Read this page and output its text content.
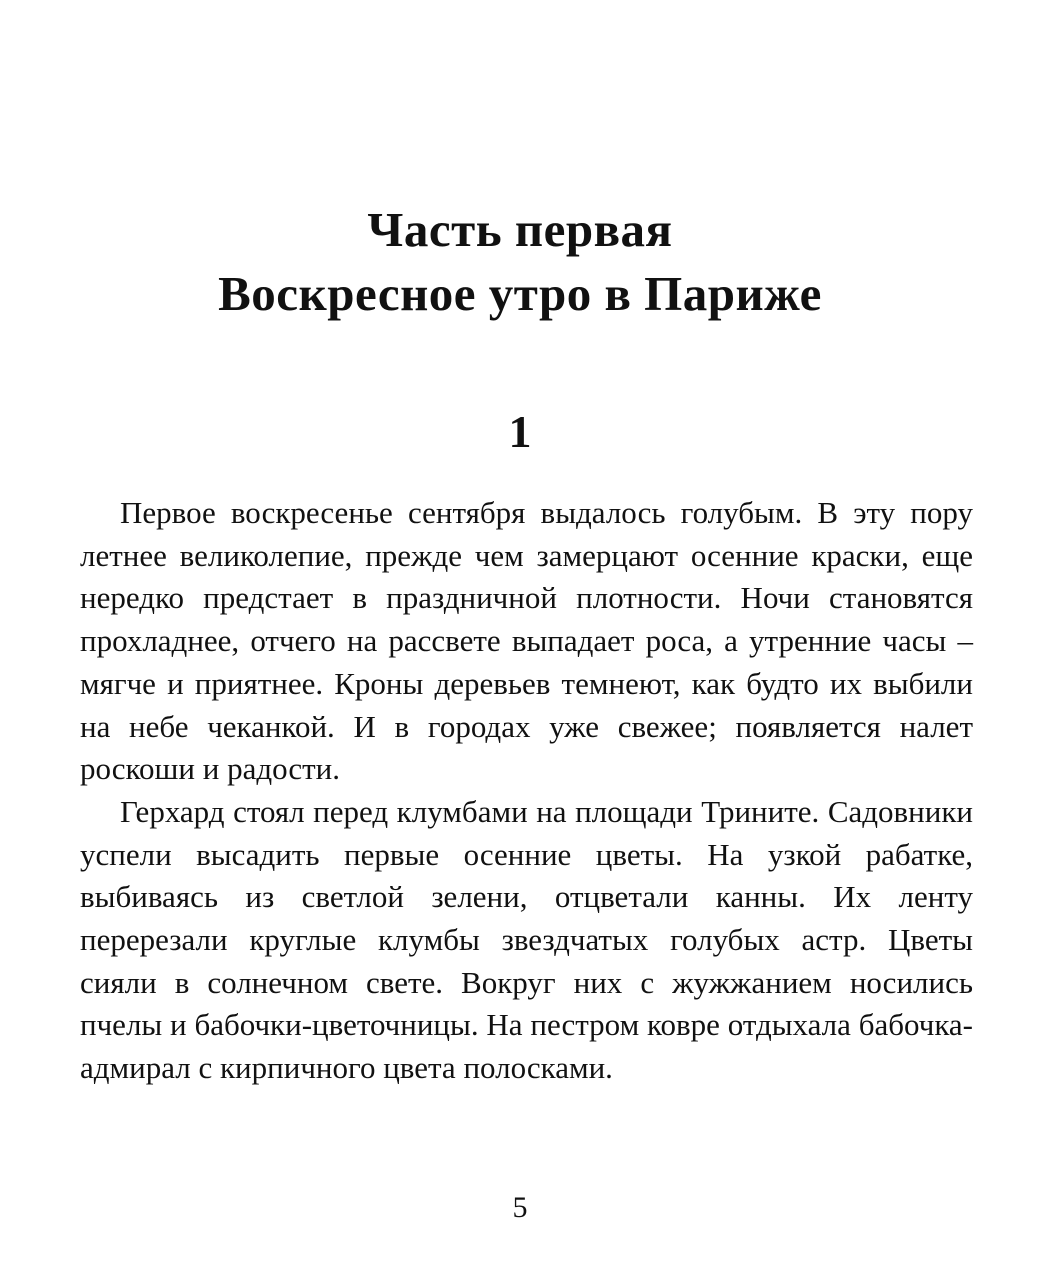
Часть первая
Воскресное утро в Париже
1

Первое воскресенье сентября выдалось голубым. В эту пору летнее великолепие, прежде чем замерцают осенние краски, еще нередко предстает в праздничной плотности. Ночи становятся прохладнее, отчего на рассвете выпадает роса, а утренние часы – мягче и приятнее. Кроны деревьев темнеют, как будто их выбили на небе чеканкой. И в городах уже свежее; появляется налет роскоши и радости.

Герхард стоял перед клумбами на площади Трините. Садовники успели высадить первые осенние цветы. На узкой рабатке, выбиваясь из светлой зелени, отцветали канны. Их ленту перерезали круглые клумбы звездчатых голубых астр. Цветы сияли в солнечном свете. Вокруг них с жужжанием носились пчелы и бабочки-цветочницы. На пестром ковре отдыхала бабочка-адмирал с кирпичного цвета полосками.

5
